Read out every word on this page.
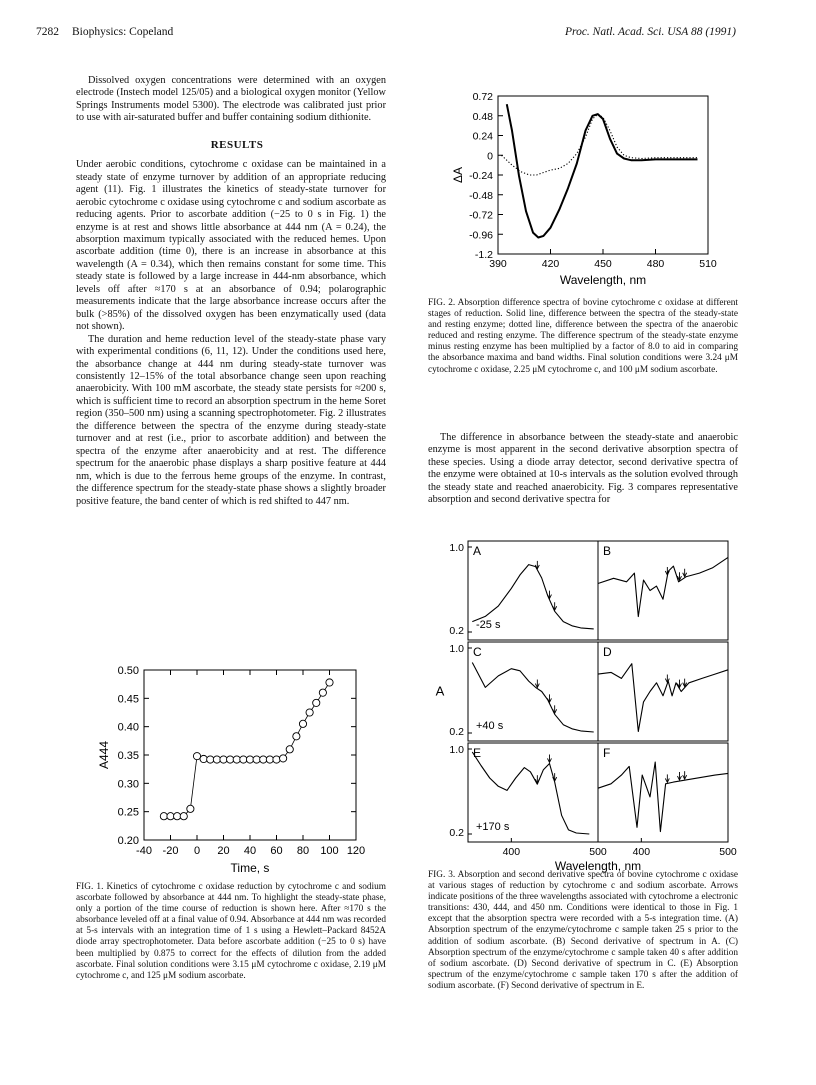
7282 Biophysics: Copeland	Proc. Natl. Acad. Sci. USA 88 (1991)

Dissolved oxygen concentrations were determined with an oxygen electrode (Instech model 125/05) and a biological oxygen monitor (Yellow Springs Instruments model 5300). The electrode was calibrated just prior to use with air-saturated buffer and buffer containing sodium dithionite.

RESULTS

Under aerobic conditions, cytochrome c oxidase can be maintained in a steady state of enzyme turnover by addition of an appropriate reducing agent (11). Fig. 1 illustrates the kinetics of steady-state turnover for aerobic cytochrome c oxidase using cytochrome c and sodium ascorbate as reducing agents. Prior to ascorbate addition (−25 to 0 s in Fig. 1) the enzyme is at rest and shows little absorbance at 444 nm (A = 0.24), the absorption maximum typically associated with the reduced hemes. Upon ascorbate addition (time 0), there is an increase in absorbance at this wavelength (A = 0.34), which then remains constant for some time. This steady state is followed by a large increase in 444-nm absorbance, which levels off after ≈170 s at an absorbance of 0.94; polarographic measurements indicate that the large absorbance increase occurs after the bulk (>85%) of the dissolved oxygen has been enzymatically used (data not shown).

The duration and heme reduction level of the steady-state phase vary with experimental conditions (6, 11, 12). Under the conditions used here, the absorbance change at 444 nm during steady-state turnover was consistently 12–15% of the total absorbance change seen upon reaching anaerobicity. With 100 mM ascorbate, the steady state persists for ≈200 s, which is sufficient time to record an absorption spectrum in the heme Soret region (350–500 nm) using a scanning spectrophotometer. Fig. 2 illustrates the difference between the spectra of the enzyme during steady-state turnover and at rest (i.e., prior to ascorbate addition) and between the spectra of the enzyme after anaerobicity and at rest. The difference spectrum for the anaerobic phase displays a sharp positive feature at 444 nm, which is due to the ferrous heme groups of the enzyme. In contrast, the difference spectrum for the steady-state phase shows a slightly broader positive feature, the band center of which is red shifted to 447 nm.

-40 -20 0 20 40 60 80 100 120
0.20
0.25
0.30
0.35
0.40
0.45
0.50
Time, s
A444
FIG. 1. Kinetics of cytochrome c oxidase reduction by cytochrome c and sodium ascorbate followed by absorbance at 444 nm. To highlight the steady-state phase, only a portion of the time course of reduction is shown here. After ≈170 s the absorbance leveled off at a final value of 0.94. Absorbance at 444 nm was recorded at 5-s intervals with an integration time of 1 s using a Hewlett–Packard 8452A diode array spectrophotometer. Data before ascorbate addition (−25 to 0 s) have been multiplied by 0.875 to correct for the effects of dilution from the added ascorbate. Final solution conditions were 3.15 μM cytochrome c oxidase, 2.19 μM cytochrome c, and 125 μM sodium ascorbate.
390	420	450	480	510
0.72
0.48
0.24
0
-0.24
-0.48
-0.72
-0.96
-1.2
Wavelength, nm
ΔA
FIG. 2. Absorption difference spectra of bovine cytochrome c oxidase at different stages of reduction. Solid line, difference between the spectra of the steady-state and resting enzyme; dotted line, difference between the spectra of the anaerobic reduced and resting enzyme. The difference spectrum of the steady-state enzyme minus resting enzyme has been multiplied by a factor of 8.0 to aid in comparing the absorbance maxima and band widths. Final solution conditions were 3.24 μM cytochrome c oxidase, 2.25 μM cytochrome c, and 100 μM sodium ascorbate.

The difference in absorbance between the steady-state and anaerobic enzyme is most apparent in the second derivative absorption spectra of these species. Using a diode array detector, second derivative spectra of the enzyme were obtained at 10-s intervals as the solution evolved through the steady state and reached anaerobicity. Fig. 3 compares representative absorption and second derivative spectra for

A
-25 s
1.0
0.2
B
C
+40 s
1.0
0.2
D
E
+170 s
1.0
0.2
F
400	500 400	500
Wavelength, nm
A
FIG. 3. Absorption and second derivative spectra of bovine cytochrome c oxidase at various stages of reduction by cytochrome c and sodium ascorbate. Arrows indicate positions of the three wavelengths associated with cytochrome a electronic transitions: 430, 444, and 450 nm. Conditions were identical to those in Fig. 1 except that the absorption spectra were recorded with a 5-s integration time. (A) Absorption spectrum of the enzyme/cytochrome c sample taken 25 s prior to the addition of sodium ascorbate. (B) Second derivative of spectrum in A. (C) Absorption spectrum of the enzyme/cytochrome c sample taken 40 s after addition of sodium ascorbate. (D) Second derivative of spectrum in C. (E) Absorption spectrum of the enzyme/cytochrome c sample taken 170 s after the addition of sodium ascorbate. (F) Second derivative of spectrum in E.
